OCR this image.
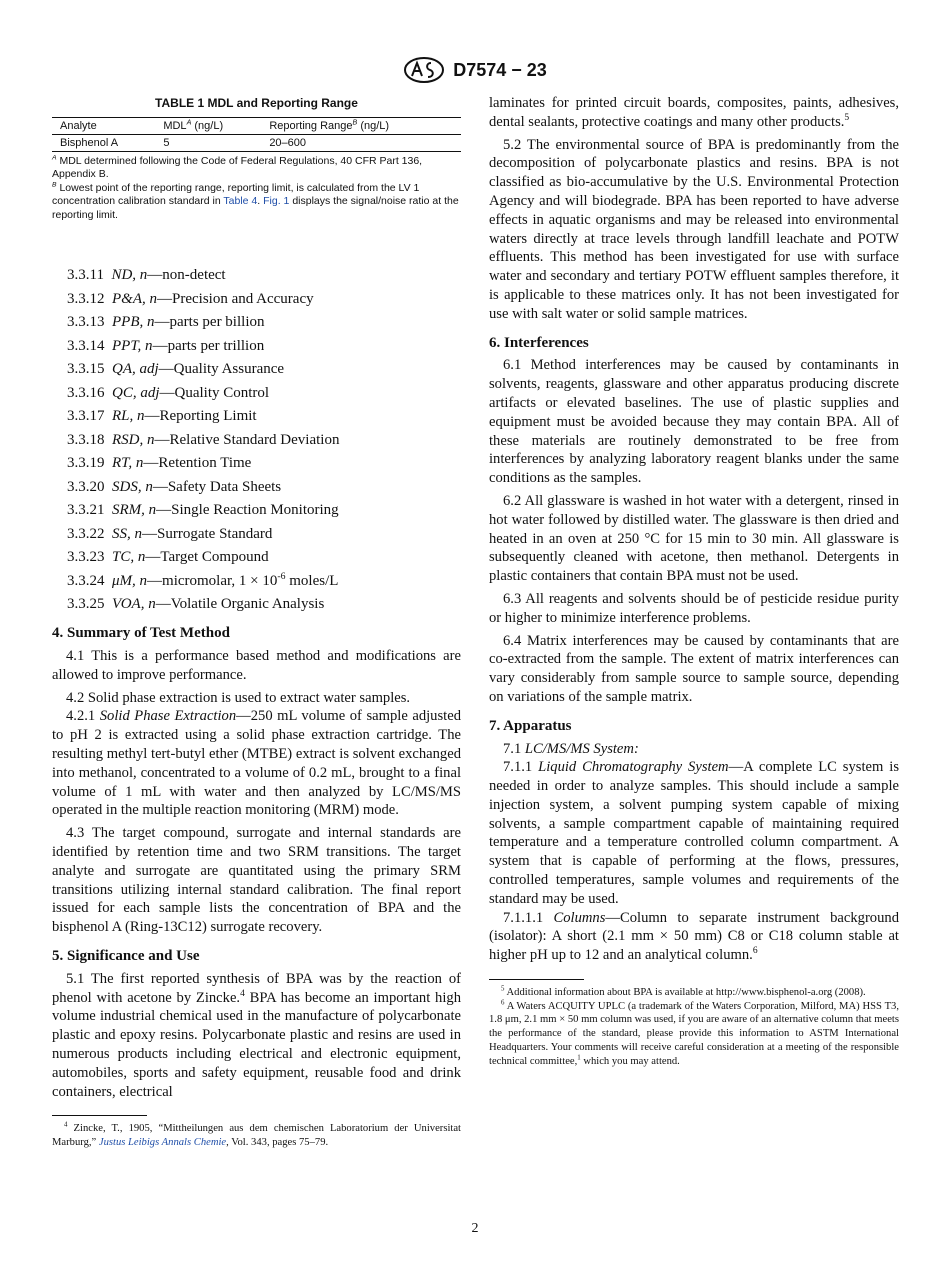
D7574 − 23
TABLE 1 MDL and Reporting Range
Analyte	$MDL^A$ (ng/L)	Reporting Range$^B$ (ng/L)
Bisphenol A	5	20–600

$^A$ MDL determined following the Code of Federal Regulations, 40 CFR Part 136, Appendix B.

$^B$ Lowest point of the reporting range, reporting limit, is calculated from the LV 1 concentration calibration standard in Table 4. Fig. 1 displays the signal/noise ratio at the reporting limit.

3.3.11 ND, n—non-detect
3.3.12 P&A, n—Precision and Accuracy
3.3.13 PPB, n—parts per billion
3.3.14 PPT, n—parts per trillion
3.3.15 QA, adj—Quality Assurance
3.3.16 QC, adj—Quality Control
3.3.17 RL, n—Reporting Limit
3.3.18 RSD, n—Relative Standard Deviation
3.3.19 RT, n—Retention Time
3.3.20 SDS, n—Safety Data Sheets
3.3.21 SRM, n—Single Reaction Monitoring
3.3.22 SS, n—Surrogate Standard
3.3.23 TC, n—Target Compound
3.3.24 μM, n—micromolar, $1 \times 10^{-6}$ moles/L
3.3.25 VOA, n—Volatile Organic Analysis
4. Summary of Test Method

4.1 This is a performance based method and modifications are allowed to improve performance.

4.2 Solid phase extraction is used to extract water samples.

4.2.1 Solid Phase Extraction—250 mL volume of sample adjusted to pH 2 is extracted using a solid phase extraction cartridge. The resulting methyl tert-butyl ether (MTBE) extract is solvent exchanged into methanol, concentrated to a volume of 0.2 mL, brought to a final volume of 1 mL with water and then analyzed by LC/MS/MS operated in the multiple reaction monitoring (MRM) mode.

4.3 The target compound, surrogate and internal standards are identified by retention time and two SRM transitions. The target analyte and surrogate are quantitated using the primary SRM transitions utilizing internal standard calibration. The final report issued for each sample lists the concentration of BPA and the bisphenol A (Ring-13C12) surrogate recovery.

5. Significance and Use

5.1 The first reported synthesis of BPA was by the reaction of phenol with acetone by Zincke.$^4$ BPA has become an important high volume industrial chemical used in the manufacture of polycarbonate plastic and epoxy resins. Polycarbonate plastic and resins are used in numerous products including electrical and electronic equipment, automobiles, sports and safety equipment, reusable food and drink containers, electrical

$^4$ Zincke, T., 1905, “Mittheilungen aus dem chemischen Laboratorium der Universitat Marburg,” Justus Leibigs Annals Chemie, Vol. 343, pages 75–79.

laminates for printed circuit boards, composites, paints, adhesives, dental sealants, protective coatings and many other products.$^5$

5.2 The environmental source of BPA is predominantly from the decomposition of polycarbonate plastics and resins. BPA is not classified as bio-accumulative by the U.S. Environmental Protection Agency and will biodegrade. BPA has been reported to have adverse effects in aquatic organisms and may be released into environmental waters directly at trace levels through landfill leachate and POTW effluents. This method has been investigated for use with surface water and secondary and tertiary POTW effluent samples therefore, it is applicable to these matrices only. It has not been investigated for use with salt water or solid sample matrices.

6. Interferences

6.1 Method interferences may be caused by contaminants in solvents, reagents, glassware and other apparatus producing discrete artifacts or elevated baselines. The use of plastic supplies and equipment must be avoided because they may contain BPA. All of these materials are routinely demonstrated to be free from interferences by analyzing laboratory reagent blanks under the same conditions as the samples.

6.2 All glassware is washed in hot water with a detergent, rinsed in hot water followed by distilled water. The glassware is then dried and heated in an oven at 250 °C for 15 min to 30 min. All glassware is subsequently cleaned with acetone, then methanol. Detergents in plastic containers that contain BPA must not be used.

6.3 All reagents and solvents should be of pesticide residue purity or higher to minimize interference problems.

6.4 Matrix interferences may be caused by contaminants that are co-extracted from the sample. The extent of matrix interferences can vary considerably from sample source to sample source, depending on variations of the sample matrix.

7. Apparatus

7.1 LC/MS/MS System:

7.1.1 Liquid Chromatography System—A complete LC system is needed in order to analyze samples. This should include a sample injection system, a solvent pumping system capable of mixing solvents, a sample compartment capable of maintaining required temperature and a temperature controlled column compartment. A system that is capable of performing at the flows, pressures, controlled temperatures, sample volumes and requirements of the standard may be used.

7.1.1.1 Columns—Column to separate instrument background (isolator): A short (2.1 mm × 50 mm) C8 or C18 column stable at higher pH up to 12 and an analytical column.$^6$

$^5$ Additional information about BPA is available at http://www.bisphenol-a.org (2008).

$^6$ A Waters ACQUITY UPLC (a trademark of the Waters Corporation, Milford, MA) HSS T3, 1.8 μm, 2.1 mm × 50 mm column was used, if you are aware of an alternative column that meets the performance of the standard, please provide this information to ASTM International Headquarters. Your comments will receive careful consideration at a meeting of the responsible technical committee,$^1$ which you may attend.

2
